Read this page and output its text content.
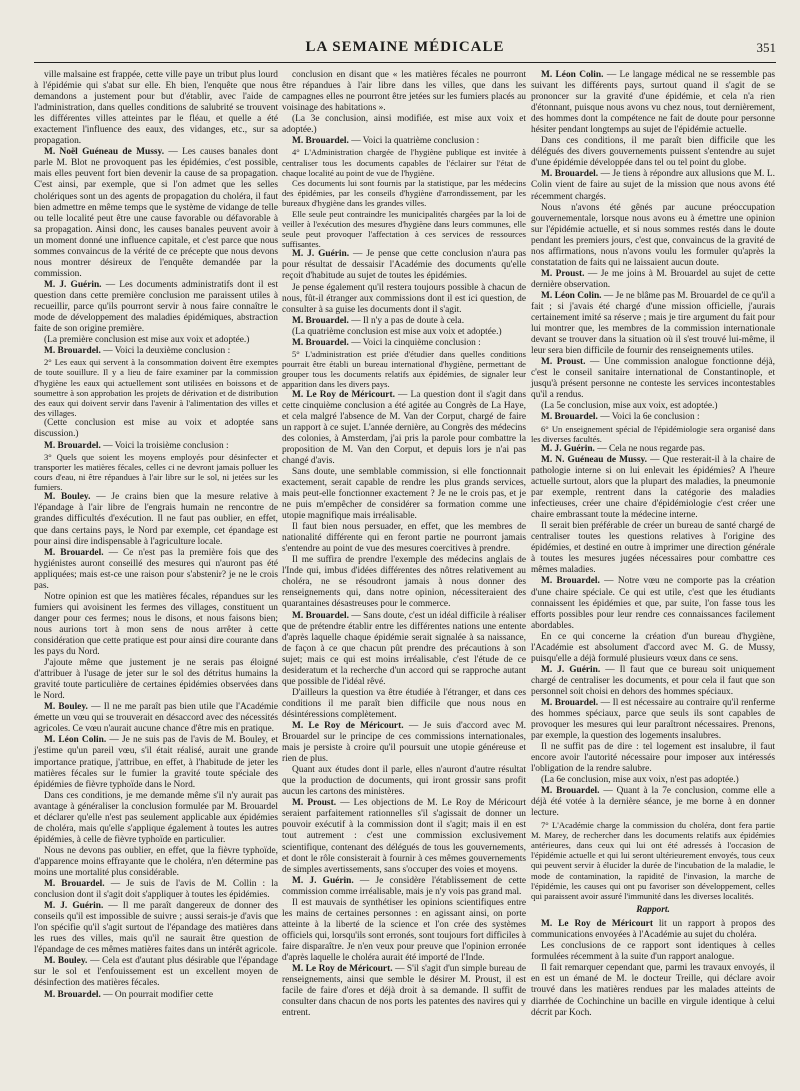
LA SEMAINE MÉDICALE	351

ville malsaine est frappée, cette ville paye un tribut plus lourd à l'épidémie qui s'abat sur elle. Eh bien, l'enquête que nous demandons a justement pour but d'établir, avec l'aide de l'administration, dans quelles conditions de salubrité se trouvent les différentes villes atteintes par le fléau, et quelle a été exactement l'influence des eaux, des vidanges, etc., sur sa propagation.

M. Noël Guéneau de Mussy. — Les causes banales dont parle M. Blot ne provoquent pas les épidémies, c'est possible, mais elles peuvent fort bien devenir la cause de sa propagation. C'est ainsi, par exemple, que si l'on admet que les selles cholériques sont un des agents de propagation du choléra, il faut bien admettre en même temps que le système de vidange de telle ou telle localité peut être une cause favorable ou défavorable à sa propagation. Ainsi donc, les causes banales peuvent avoir à un moment donné une influence capitale, et c'est parce que nous sommes convaincus de la vérité de ce précepte que nous devons nous montrer désireux de l'enquête demandée par la commission.

M. J. Guérin. — Les documents administratifs dont il est question dans cette première conclusion me paraissent utiles à recueillir, parce qu'ils pourront servir à nous faire connaître le mode de développement des maladies épidémiques, abstraction faite de son origine première.

(La première conclusion est mise aux voix et adoptée.)

M. Brouardel. — Voici la deuxième conclusion :

2° Les eaux qui servent à la consommation doivent être exemptes de toute souillure. Il y a lieu de faire examiner par la commission d'hygiène les eaux qui actuellement sont utilisées en boissons et de soumettre à son approbation les projets de dérivation et de distribution des eaux qui doivent servir dans l'avenir à l'alimentation des villes et des villages.

(Cette conclusion est mise au voix et adoptée sans discussion.)

M. Brouardel. — Voici la troisième conclusion :

3° Quels que soient les moyens employés pour désinfecter et transporter les matières fécales, celles ci ne devront jamais polluer les cours d'eau, ni être répandues à l'air libre sur le sol, ni jetées sur les fumiers.

M. Bouley. — Je crains bien que la mesure relative à l'épandage à l'air libre de l'engrais humain ne rencontre de grandes difficultés d'exécution. Il ne faut pas oublier, en effet, que dans certains pays, le Nord par exemple, cet épandage est pour ainsi dire indispensable à l'agriculture locale.

M. Brouardel. — Ce n'est pas la première fois que des hygiénistes auront conseillé des mesures qui n'auront pas été appliquées; mais est-ce une raison pour s'abstenir? je ne le crois pas.

Notre opinion est que les matières fécales, répandues sur les fumiers qui avoisinent les fermes des villages, constituent un danger pour ces fermes; nous le disons, et nous faisons bien; nous aurions tort à mon sens de nous arrêter à cette considération que cette pratique est pour ainsi dire courante dans les pays du Nord.

J'ajoute même que justement je ne serais pas éloigné d'attribuer à l'usage de jeter sur le sol des détritus humains la gravité toute particulière de certaines épidémies observées dans le Nord.

M. Bouley. — Il ne me paraît pas bien utile que l'Académie émette un vœu qui se trouverait en désaccord avec des nécessités agricoles. Ce vœu n'aurait aucune chance d'être mis en pratique.

M. Léon Colin. — Je ne suis pas de l'avis de M. Bouley, et j'estime qu'un pareil vœu, s'il était réalisé, aurait une grande importance pratique, j'attribue, en effet, à l'habitude de jeter les matières fécales sur le fumier la gravité toute spéciale des épidémies de fièvre typhoïde dans le Nord.

Dans ces conditions, je me demande même s'il n'y aurait pas avantage à généraliser la conclusion formulée par M. Brouardel et déclarer qu'elle n'est pas seulement applicable aux épidémies de choléra, mais qu'elle s'applique également à toutes les autres épidémies, à celle de fièvre typhoïde en particulier.

Nous ne devons pas oublier, en effet, que la fièvre typhoïde, d'apparence moins effrayante que le choléra, n'en détermine pas moins une mortalité plus considérable.

M. Brouardel. — Je suis de l'avis de M. Collin : la conclusion dont il s'agit doit s'appliquer à toutes les épidémies.

M. J. Guérin. — Il me paraît dangereux de donner des conseils qu'il est impossible de suivre ; aussi serais-je d'avis que l'on spécifie qu'il s'agit surtout de l'épandage des matières dans les rues des villes, mais qu'il ne saurait être question de l'épandage de ces mêmes matières faites dans un intérêt agricole.

M. Bouley. — Cela est d'autant plus désirable que l'épandage sur le sol et l'enfouissement est un excellent moyen de désinfection des matières fécales.

M. Brouardel. — On pourrait modifier cette

conclusion en disant que « les matières fécales ne pourront être répandues à l'air libre dans les villes, que dans les campagnes elles ne pourront être jetées sur les fumiers placés au voisinage des habitations ».

(La 3e conclusion, ainsi modifiée, est mise aux voix et adoptée.)

M. Brouardel. — Voici la quatrième conclusion :

4° L'Administration chargée de l'hygiène publique est invitée à centraliser tous les documents capables de l'éclairer sur l'état de chaque localité au point de vue de l'hygiène.

Ces documents lui sont fournis par la statistique, par les médecins des épidémies, par les conseils d'hygiène d'arrondissement, par les bureaux d'hygiène dans les grandes villes.

Elle seule peut contraindre les municipalités chargées par la loi de veiller à l'exécution des mesures d'hygiène dans leurs communes, elle seule peut provoquer l'affectation à ces services de ressources suffisantes.

M. J. Guérin. — Je pense que cette conclusion n'aura pas pour résultat de dessaisir l'Académie des documents qu'elle reçoit d'habitude au sujet de toutes les épidémies.

Je pense également qu'il restera toujours possible à chacun de nous, fût-il étranger aux commissions dont il est ici question, de consulter à sa guise les documents dont il s'agit.

M. Brouardel. — Il n'y a pas de doute à cela.

(La quatrième conclusion est mise aux voix et adoptée.)

M. Brouardel. — Voici la cinquième conclusion :

5° L'administration est priée d'étudier dans quelles conditions pourrait être établi un bureau international d'hygiène, permettant de grouper tous les documents relatifs aux épidémies, de signaler leur apparition dans les divers pays.

M. Le Roy de Méricourt. — La question dont il s'agit dans cette cinquième conclusion a été agitée au Congrès de La Haye, et cela malgré l'absence de M. Van der Corput, chargé de faire un rapport à ce sujet. L'année dernière, au Congrès des médecins des colonies, à Amsterdam, j'ai pris la parole pour combattre la proposition de M. Van den Corput, et depuis lors je n'ai pas changé d'avis.

Sans doute, une semblable commission, si elle fonctionnait exactement, serait capable de rendre les plus grands services, mais peut-elle fonctionner exactement ? Je ne le crois pas, et je ne puis m'empêcher de considérer sa formation comme une utopie magnifique mais irréalisable.

Il faut bien nous persuader, en effet, que les membres de nationalité différente qui en feront partie ne pourront jamais s'entendre au point de vue des mesures coercitives à prendre.

Il me suffira de prendre l'exemple des médecins anglais de l'Inde qui, imbus d'idées différentes des nôtres relativement au choléra, ne se résoudront jamais à nous donner des renseignements qui, dans notre opinion, nécessiteraient des quarantaines désastreuses pour le commerce.

M. Brouardel. — Sans doute, c'est un idéal difficile à réaliser que de prétendre établir entre les différentes nations une entente d'après laquelle chaque épidémie serait signalée à sa naissance, de façon à ce que chacun pût prendre des précautions à son sujet; mais ce qui est moins irréalisable, c'est l'étude de ce desideratum et la recherche d'un accord qui se rapproche autant que possible de l'idéal rêvé.

D'ailleurs la question va être étudiée à l'étranger, et dans ces conditions il me paraît bien difficile que nous nous en désintéressions complètement.

M. Le Roy de Méricourt. — Je suis d'accord avec M. Brouardel sur le principe de ces commissions internationales, mais je persiste à croire qu'il poursuit une utopie généreuse et rien de plus.

Quant aux études dont il parle, elles n'auront d'autre résultat que la production de documents, qui iront grossir sans profit aucun les cartons des ministères.

M. Proust. — Les objections de M. Le Roy de Méricourt seraient parfaitement rationnelles s'il s'agissait de donner un pouvoir exécutif à la commission dont il s'agit; mais il en est tout autrement : c'est une commission exclusivement scientifique, contenant des délégués de tous les gouvernements, et dont le rôle consisterait à fournir à ces mêmes gouvernements de simples avertissements, sans s'occuper des voies et moyens.

M. J. Guérin. — Je considère l'établissement de cette commission comme irréalisable, mais je n'y vois pas grand mal.

Il est mauvais de synthétiser les opinions scientifiques entre les mains de certaines personnes : en agissant ainsi, on porte atteinte à la liberté de la science et l'on crée des systèmes officiels qui, lorsqu'ils sont erronés, sont toujours fort difficiles à faire disparaître. Je n'en veux pour preuve que l'opinion erronée d'après laquelle le choléra aurait été importé de l'Inde.

M. Le Roy de Méricourt. — S'il s'agit d'un simple bureau de renseignements, ainsi que semble le désirer M. Proust, il est facile de faire d'ores et déjà droit à sa demande. Il suffit de consulter dans chacun de nos ports les patentes des navires qui y entrent.

M. Léon Colin. — Le langage médical ne se ressemble pas suivant les différents pays, surtout quand il s'agit de se prononcer sur la gravité d'une épidémie, et cela n'a rien d'étonnant, puisque nous avons vu chez nous, tout dernièrement, des hommes dont la compétence ne fait de doute pour personne hésiter pendant longtemps au sujet de l'épidémie actuelle.

Dans ces conditions, il me paraît bien difficile que les délégués des divers gouvernements puissent s'entendre au sujet d'une épidémie développée dans tel ou tel point du globe.

M. Brouardel. — Je tiens à répondre aux allusions que M. L. Colin vient de faire au sujet de la mission que nous avons été récemment chargés.

Nous n'avons été gênés par aucune préoccupation gouvernementale, lorsque nous avons eu à émettre une opinion sur l'épidémie actuelle, et si nous sommes restés dans le doute pendant les premiers jours, c'est que, convaincus de la gravité de nos affirmations, nous n'avons voulu les formuler qu'après la constatation de faits qui ne laissaient aucun doute.

M. Proust. — Je me joins à M. Brouardel au sujet de cette dernière observation.

M. Léon Colin. — Je ne blâme pas M. Brouardel de ce qu'il a fait ; si j'avais été chargé d'une mission officielle, j'aurais certainement imité sa réserve ; mais je tire argument du fait pour lui montrer que, les membres de la commission internationale devant se trouver dans la situation où il s'est trouvé lui-même, il leur sera bien difficile de fournir des renseignements utiles.

M. Proust. — Une commission analogue fonctionne déjà, c'est le conseil sanitaire international de Constantinople, et jusqu'à présent personne ne conteste les services incontestables qu'il a rendus.

(La 5e conclusion, mise aux voix, est adoptée.)

M. Brouardel. — Voici la 6e conclusion :

6° Un enseignement spécial de l'épidémiologie sera organisé dans les diverses facultés.

M. J. Guérin. — Cela ne nous regarde pas.

M. N. Guéneau de Mussy. — Que resterait-il à la chaire de pathologie interne si on lui enlevait les épidémies? A l'heure actuelle surtout, alors que la plupart des maladies, la pneumonie par exemple, rentrent dans la catégorie des maladies infectieuses, créer une chaire d'épidémiologie c'est créer une chaire embrassant toute la médecine interne.

Il serait bien préférable de créer un bureau de santé chargé de centraliser toutes les questions relatives à l'origine des épidémies, et destiné en outre à imprimer une direction générale à toutes les mesures jugées nécessaires pour combattre ces mêmes maladies.

M. Brouardel. — Notre vœu ne comporte pas la création d'une chaire spéciale. Ce qui est utile, c'est que les étudiants connaissent les épidémies et que, par suite, l'on fasse tous les efforts possibles pour leur rendre ces connaissances facilement abordables.

En ce qui concerne la création d'un bureau d'hygiène, l'Académie est absolument d'accord avec M. G. de Mussy, puisqu'elle a déjà formulé plusieurs vœux dans ce sens.

M. J. Guérin. — Il faut que ce bureau soit uniquement chargé de centraliser les documents, et pour cela il faut que son personnel soit choisi en dehors des hommes spéciaux.

M. Brouardel. — Il est nécessaire au contraire qu'il renferme des hommes spéciaux, parce que seuls ils sont capables de provoquer les mesures qui leur paraîtront nécessaires. Prenons, par exemple, la question des logements insalubres.

Il ne suffit pas de dire : tel logement est insalubre, il faut encore avoir l'autorité nécessaire pour imposer aux intéressés l'obligation de la rendre salubre.

(La 6e conclusion, mise aux voix, n'est pas adoptée.)

M. Brouardel. — Quant à la 7e conclusion, comme elle a déjà été votée à la dernière séance, je me borne à en donner lecture.

7° L'Académie charge la commission du choléra, dont fera partie M. Marey, de rechercher dans les documents relatifs aux épidémies antérieures, dans ceux qui lui ont été adressés à l'occasion de l'épidémie actuelle et qui lui seront ultérieurement envoyés, tous ceux qui peuvent servir à élucider la durée de l'incubation de la maladie, le mode de contamination, la rapidité de l'invasion, la marche de l'épidémie, les causes qui ont pu favoriser son développement, celles qui paraissent avoir assuré l'immunité dans les diverses localités.

Rapport.

M. Le Roy de Méricourt lit un rapport à propos des communications envoyées à l'Académie au sujet du choléra.

Les conclusions de ce rapport sont identiques à celles formulées récemment à la suite d'un rapport analogue.

Il fait remarquer cependant que, parmi les travaux envoyés, il en est un émané de M. le docteur Treille, qui déclare avoir trouvé dans les matières rendues par les malades atteints de diarrhée de Cochinchine un bacille en virgule identique à celui décrit par Koch.
